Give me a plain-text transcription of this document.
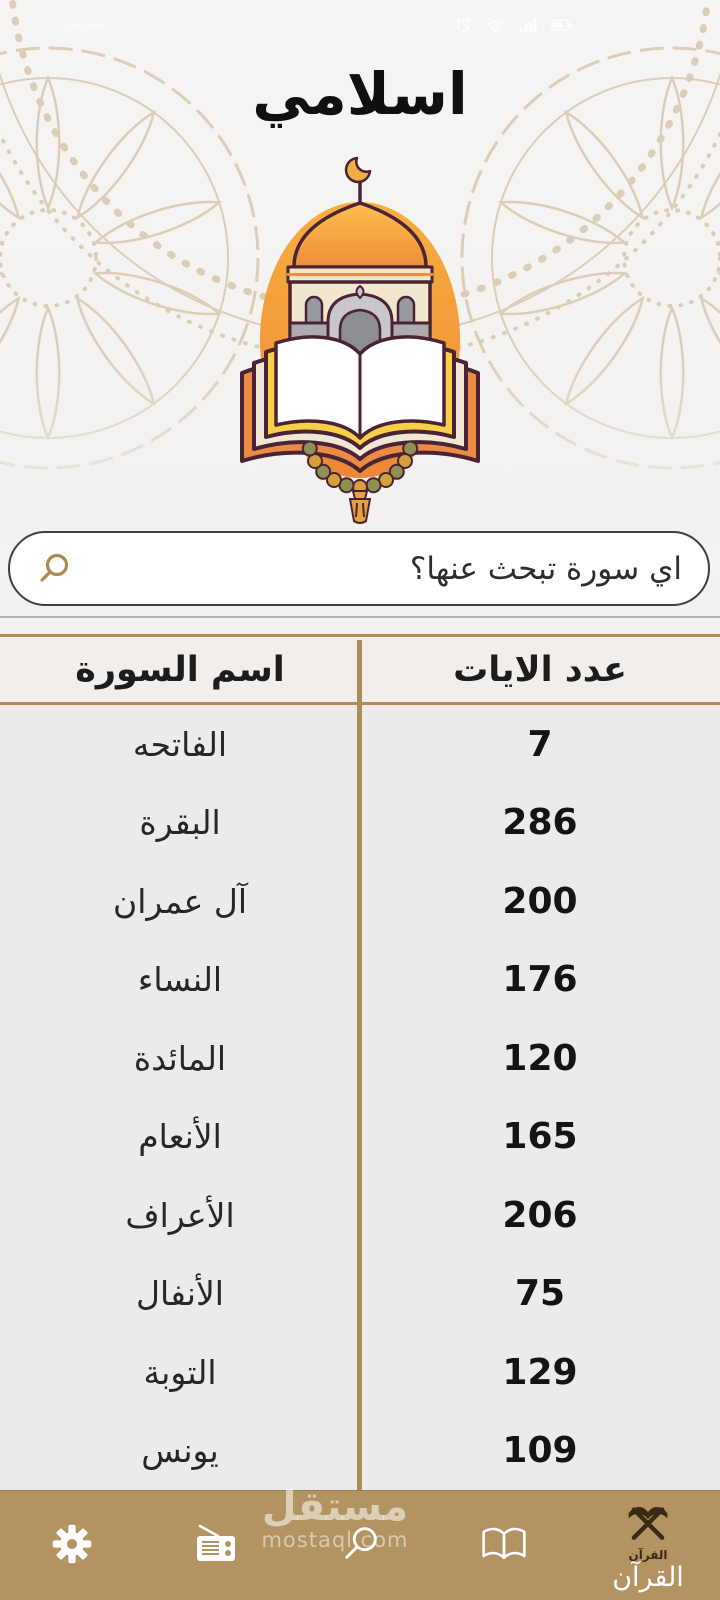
مستقل
اسلامي
اي سورة تبحث عنها؟
اسم السورة	عدد الايات
الفاتحه	7
البقرة	286
آل عمران	200
النساء	176
المائدة	120
الأنعام	165
الأعراف	206
الأنفال	75
التوبة	129
يونس	109
القرآن
القرآن
مستقل
mostaql.com
